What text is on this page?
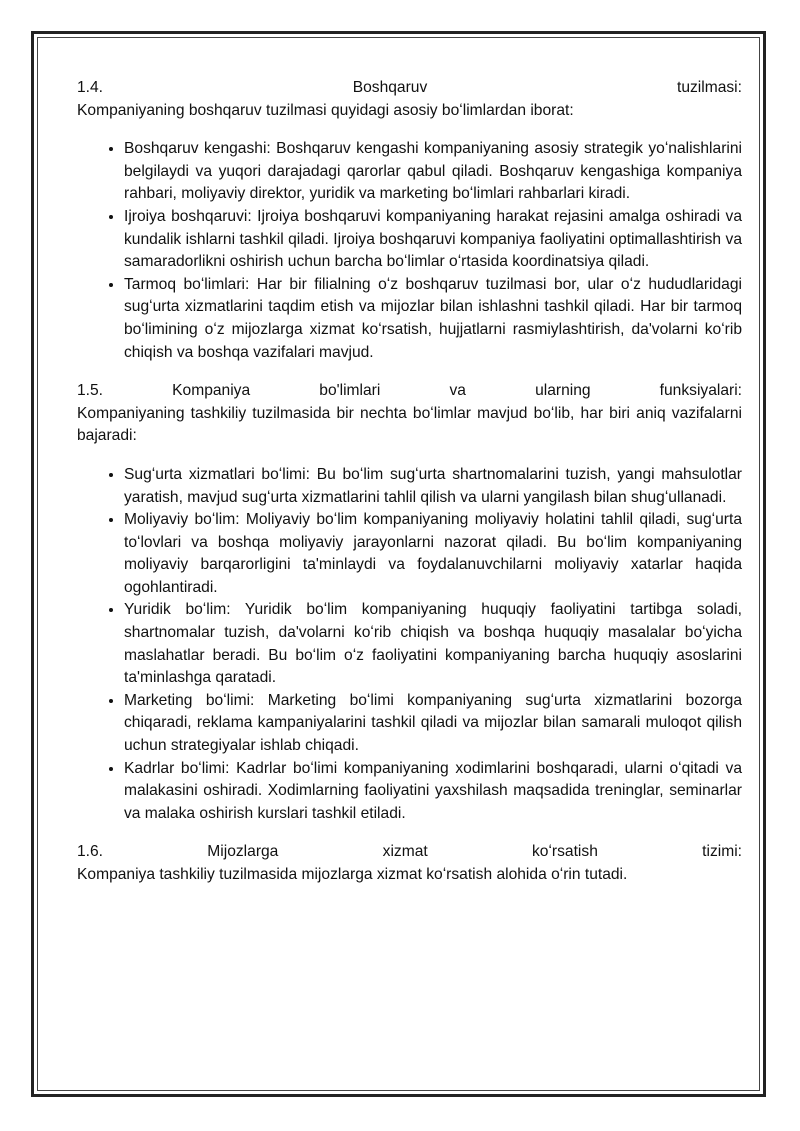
1.4.	Boshqaruv	tuzilmasi:

Kompaniyaning boshqaruv tuzilmasi quyidagi asosiy boʻlimlardan iborat:

• Boshqaruv kengashi: Boshqaruv kengashi kompaniyaning asosiy strategik yoʻnalishlarini belgilaydi va yuqori darajadagi qarorlar qabul qiladi. Boshqaruv kengashiga kompaniya rahbari, moliyaviy direktor, yuridik va marketing boʻlimlari rahbarlari kiradi.
• Ijroiya boshqaruvi: Ijroiya boshqaruvi kompaniyaning harakat rejasini amalga oshiradi va kundalik ishlarni tashkil qiladi. Ijroiya boshqaruvi kompaniya faoliyatini optimallashtirish va samaradorlikni oshirish uchun barcha boʻlimlar oʻrtasida koordinatsiya qiladi.
• Tarmoq boʻlimlari: Har bir filialning oʻz boshqaruv tuzilmasi bor, ular oʻz hududlaridagi sugʻurta xizmatlarini taqdim etish va mijozlar bilan ishlashni tashkil qiladi. Har bir tarmoq boʻlimining oʻz mijozlarga xizmat koʻrsatish, hujjatlarni rasmiylashtirish, da'volarni koʻrib chiqish va boshqa vazifalari mavjud.

1.5.	Kompaniya	bo'limlari	va	ularning	funksiyalari:

Kompaniyaning tashkiliy tuzilmasida bir nechta boʻlimlar mavjud boʻlib, har biri aniq vazifalarni bajaradi:

• Sugʻurta xizmatlari boʻlimi: Bu boʻlim sugʻurta shartnomalarini tuzish, yangi mahsulotlar yaratish, mavjud sugʻurta xizmatlarini tahlil qilish va ularni yangilash bilan shugʻullanadi.
• Moliyaviy boʻlim: Moliyaviy boʻlim kompaniyaning moliyaviy holatini tahlil qiladi, sugʻurta toʻlovlari va boshqa moliyaviy jarayonlarni nazorat qiladi. Bu boʻlim kompaniyaning moliyaviy barqarorligini ta'minlaydi va foydalanuvchilarni moliyaviy xatarlar haqida ogohlantiradi.
• Yuridik boʻlim: Yuridik boʻlim kompaniyaning huquqiy faoliyatini tartibga soladi, shartnomalar tuzish, da'volarni koʻrib chiqish va boshqa huquqiy masalalar boʻyicha maslahatlar beradi. Bu boʻlim oʻz faoliyatini kompaniyaning barcha huquqiy asoslarini ta'minlashga qaratadi.
• Marketing boʻlimi: Marketing boʻlimi kompaniyaning sugʻurta xizmatlarini bozorga chiqaradi, reklama kampaniyalarini tashkil qiladi va mijozlar bilan samarali muloqot qilish uchun strategiyalar ishlab chiqadi.
• Kadrlar boʻlimi: Kadrlar boʻlimi kompaniyaning xodimlarini boshqaradi, ularni oʻqitadi va malakasini oshiradi. Xodimlarning faoliyatini yaxshilash maqsadida treninglar, seminarlar va malaka oshirish kurslari tashkil etiladi.

1.6.	Mijozlarga	xizmat	koʻrsatish	tizimi:

Kompaniya tashkiliy tuzilmasida mijozlarga xizmat koʻrsatish alohida oʻrin tutadi.
